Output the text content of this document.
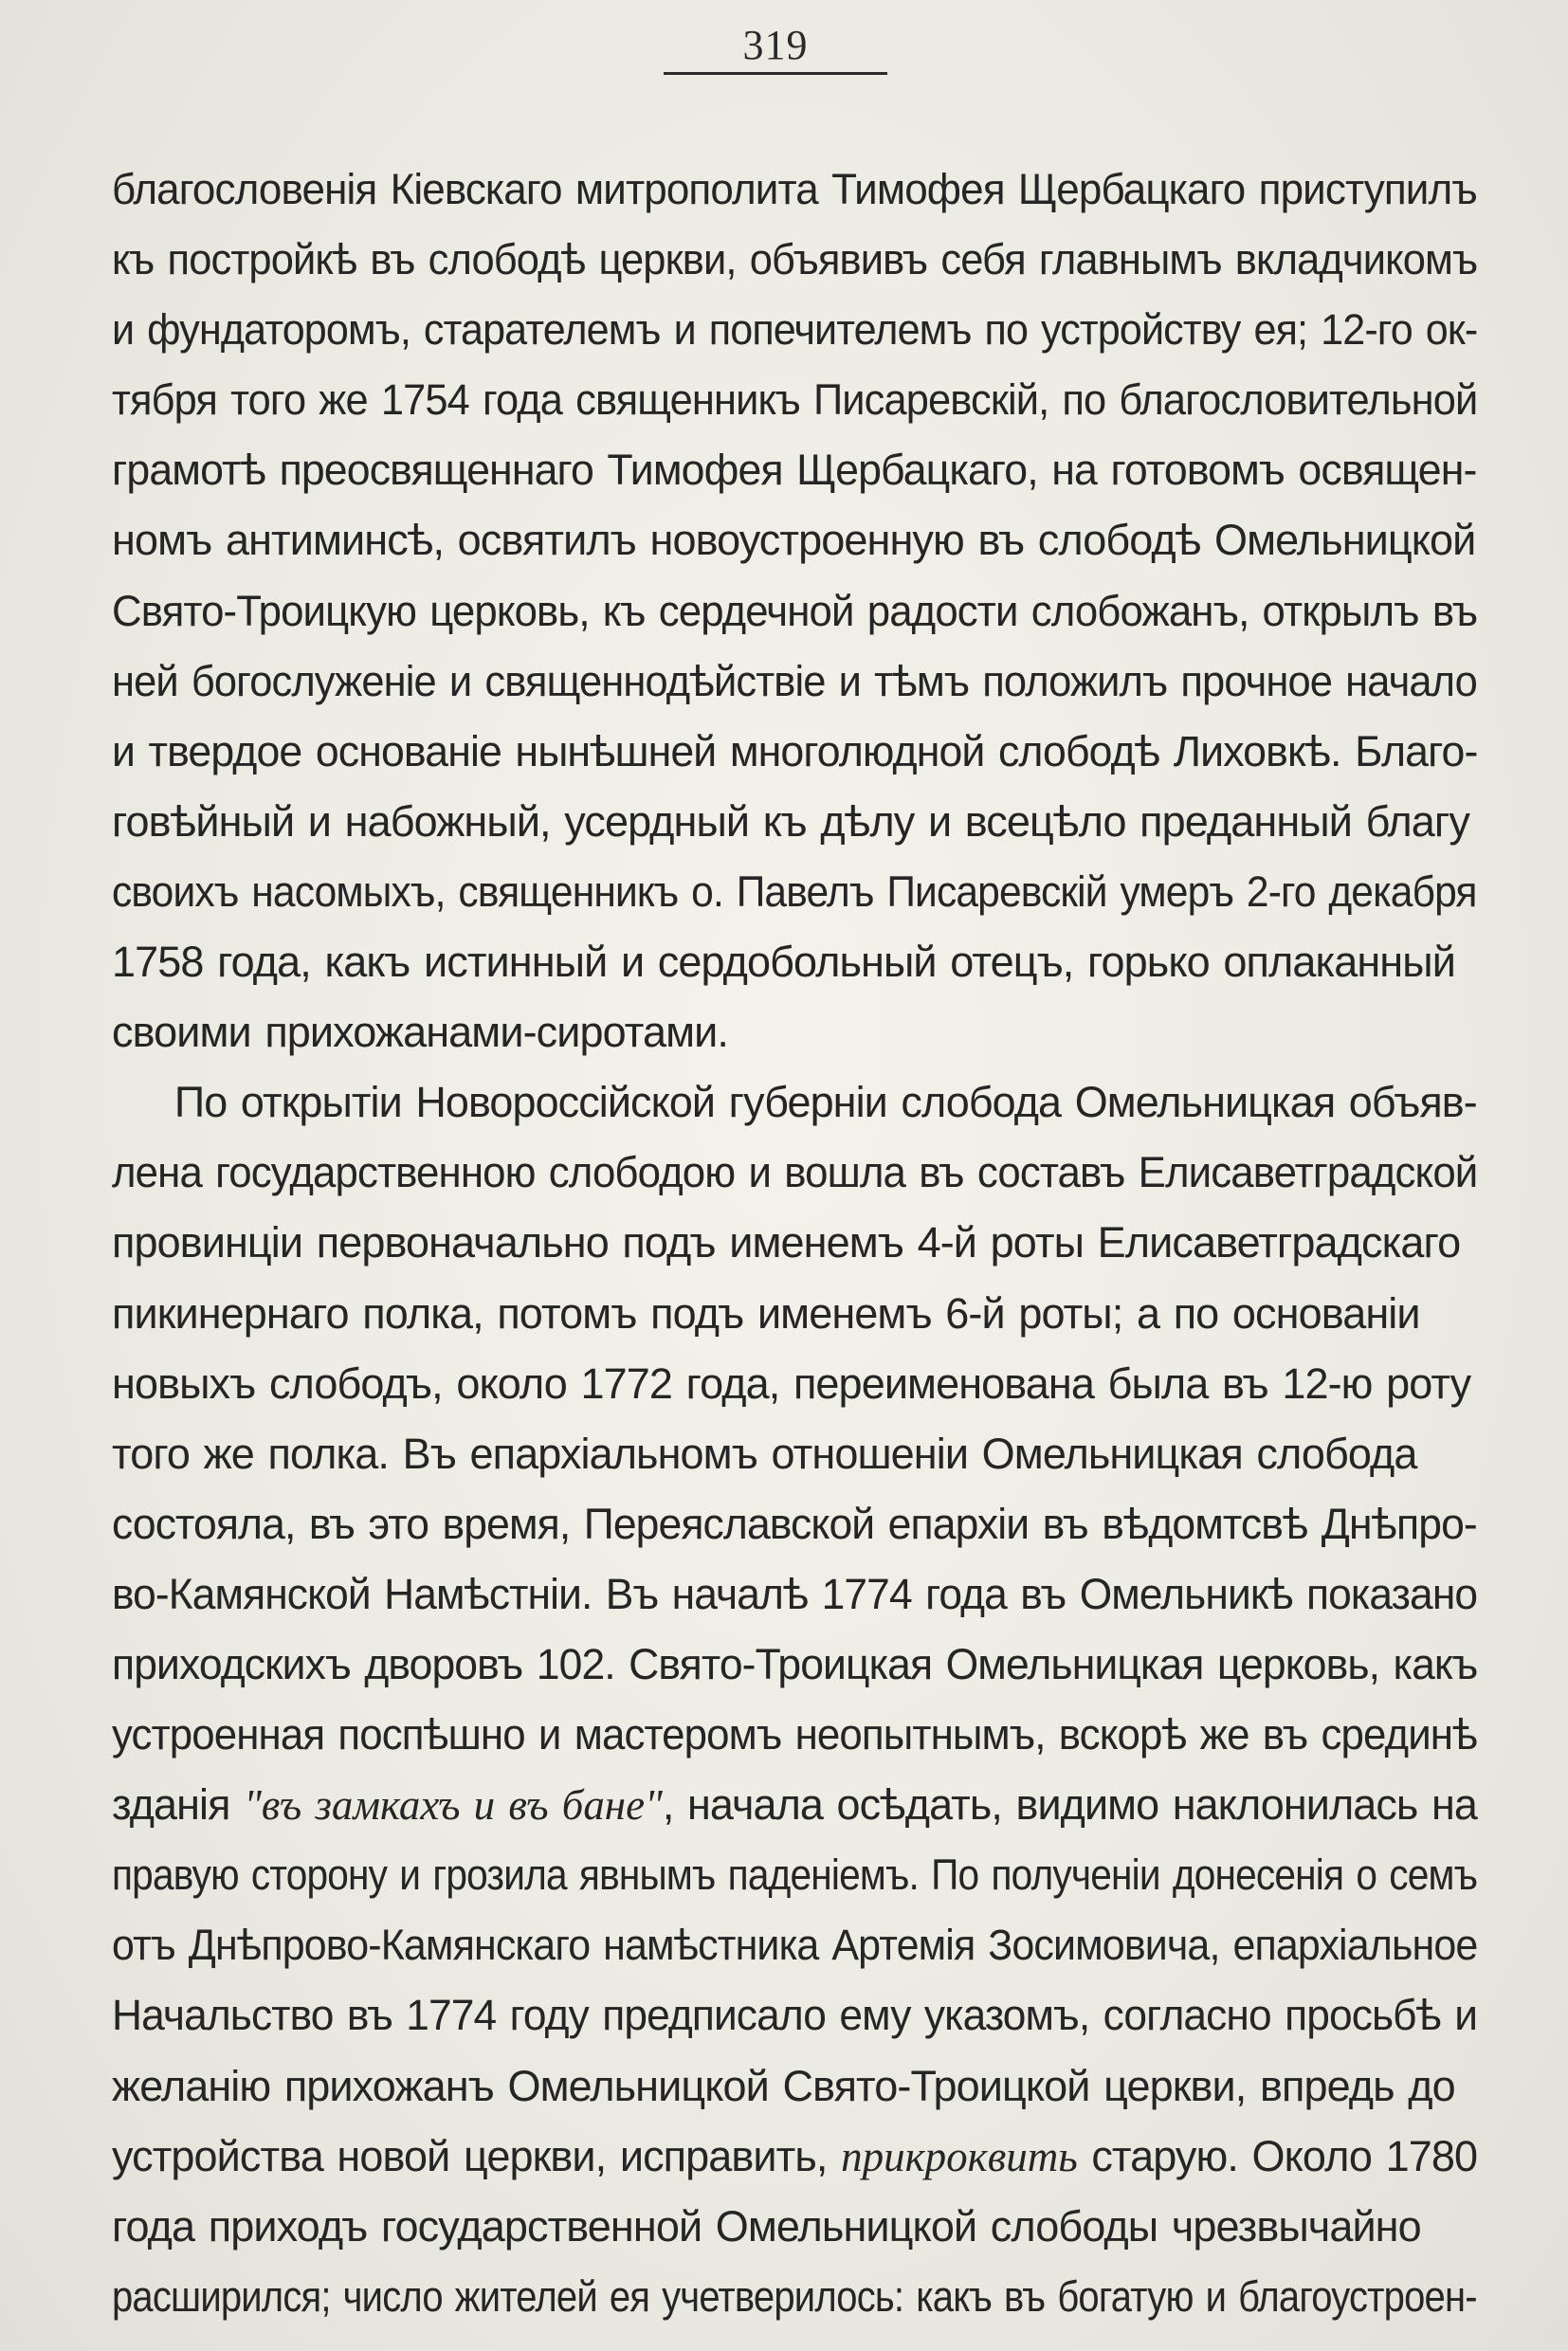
319
благословенія Кіевскаго митрополита Тимофея Щербацкаго приступилъ
къ постройкѣ въ слободѣ церкви, объявивъ себя главнымъ вкладчикомъ
и фундаторомъ, старателемъ и попечителемъ по устройству ея; 12-го ок-
тября того же 1754 года священникъ Писаревскій, по благословительной
грамотѣ преосвященнаго Тимофея Щербацкаго, на готовомъ освящен-
номъ антиминсѣ, освятилъ новоустроенную въ слободѣ Омельницкой
Свято-Троицкую церковь, къ сердечной радости слобожанъ, открылъ въ
ней богослуженіе и священнодѣйствіе и тѣмъ положилъ прочное начало
и твердое основаніе нынѣшней многолюдной слободѣ Лиховкѣ. Благо-
говѣйный и набожный, усердный къ дѣлу и всецѣло преданный благу
своихъ насомыхъ, священникъ о. Павелъ Писаревскій умеръ 2-го декабря
1758 года, какъ истинный и сердобольный отецъ, горько оплаканный
своими прихожанами-сиротами.
По открытіи Новороссійской губерніи слобода Омельницкая объяв-
лена государственною слободою и вошла въ составъ Елисаветградской
провинціи первоначально подъ именемъ 4-й роты Елисаветградскаго
пикинернаго полка, потомъ подъ именемъ 6-й роты; а по основаніи
новыхъ слободъ, около 1772 года, переименована была въ 12-ю роту
того же полка. Въ епархіальномъ отношеніи Омельницкая слобода
состояла, въ это время, Переяславской епархіи въ вѣдомтсвѣ Днѣпро-
во-Камянской Намѣстніи. Въ началѣ 1774 года въ Омельникѣ показано
приходскихъ дворовъ 102. Свято-Троицкая Омельницкая церковь, какъ
устроенная поспѣшно и мастеромъ неопытнымъ, вскорѣ же въ срединѣ
зданія "въ замкахъ и въ бане", начала осѣдать, видимо наклонилась на
правую сторону и грозила явнымъ паденіемъ. По полученіи донесенія о семъ
отъ Днѣпрово-Камянскаго намѣстника Артемія Зосимовича, епархіальное
Начальство въ 1774 году предписало ему указомъ, согласно просьбѣ и
желанію прихожанъ Омельницкой Свято-Троицкой церкви, впредь до
устройства новой церкви, исправить, прикроквить старую. Около 1780
года приходъ государственной Омельницкой слободы чрезвычайно
расширился; число жителей ея учетверилось: какъ въ богатую и благоустроен-
